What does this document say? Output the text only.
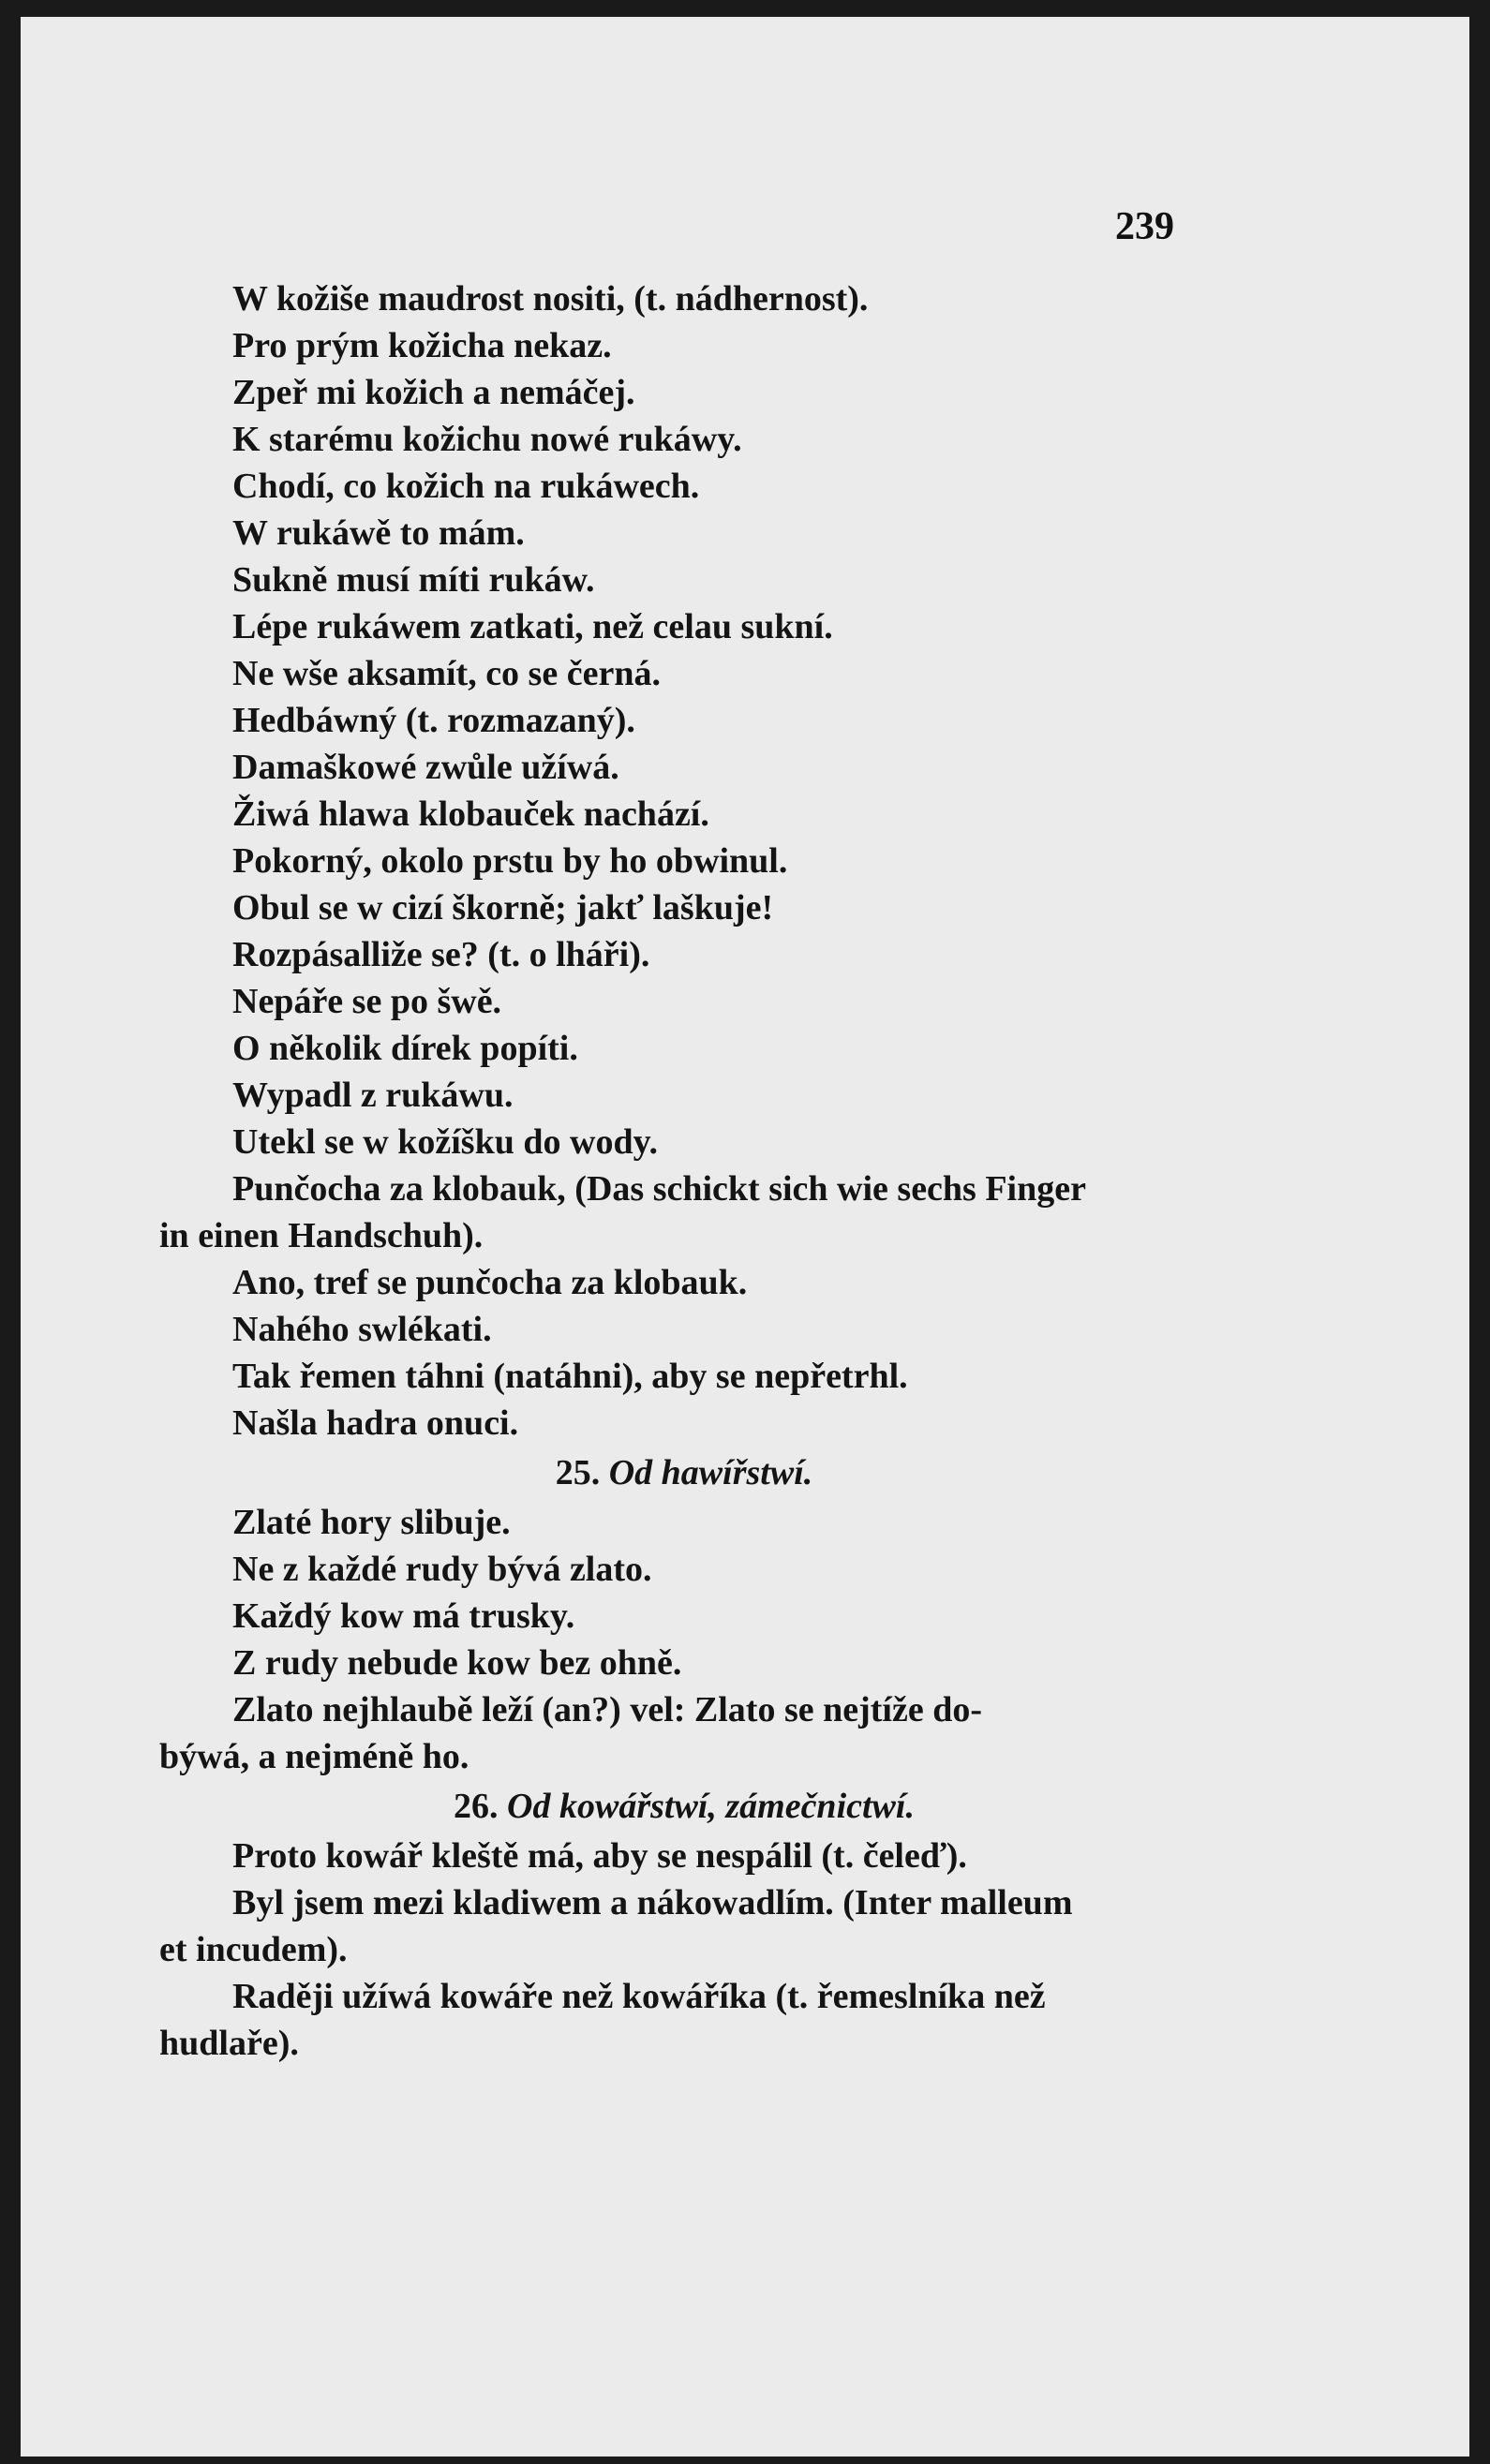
239
W kožiše maudrost nositi, (t. nádhernost).
Pro prým kožicha nekaz.
Zpeř mi kožich a nemáčej.
K starému kožichu nowé rukáwy.
Chodí, co kožich na rukáwech.
W rukáwě to mám.
Sukně musí míti rukáw.
Lépe rukáwem zatkati, než celau sukní.
Ne wše aksamít, co se černá.
Hedbáwný (t. rozmazaný).
Damaškowé zwůle užíwá.
Žiwá hlawa klobauček nachází.
Pokorný, okolo prstu by ho obwinul.
Obul se w cizí škorně; jakť laškuje!
Rozpásalliže se? (t. o lháři).
Nepáře se po šwě.
O několik dírek popíti.
Wypadl z rukáwu.
Utekl se w kožíšku do wody.
Punčocha za klobauk, (Das schickt sich wie sechs Finger
in einen Handschuh).
Ano, tref se punčocha za klobauk.
Nahého swlékati.
Tak řemen táhni (natáhni), aby se nepřetrhl.
Našla hadra onuci.
25. Od hawířstwí.
Zlaté hory slibuje.
Ne z každé rudy bývá zlato.
Každý kow má trusky.
Z rudy nebude kow bez ohně.
Zlato nejhlaubě leží (an?) vel: Zlato se nejtíže do-
býwá, a nejméně ho.
26. Od kowářstwí, zámečnictwí.
Proto kowář kleště má, aby se nespálil (t. čeleď).
Byl jsem mezi kladiwem a nákowadlím. (Inter malleum
et incudem).
Raději užíwá kowáře než kowáříka (t. řemeslníka než
hudlaře).
